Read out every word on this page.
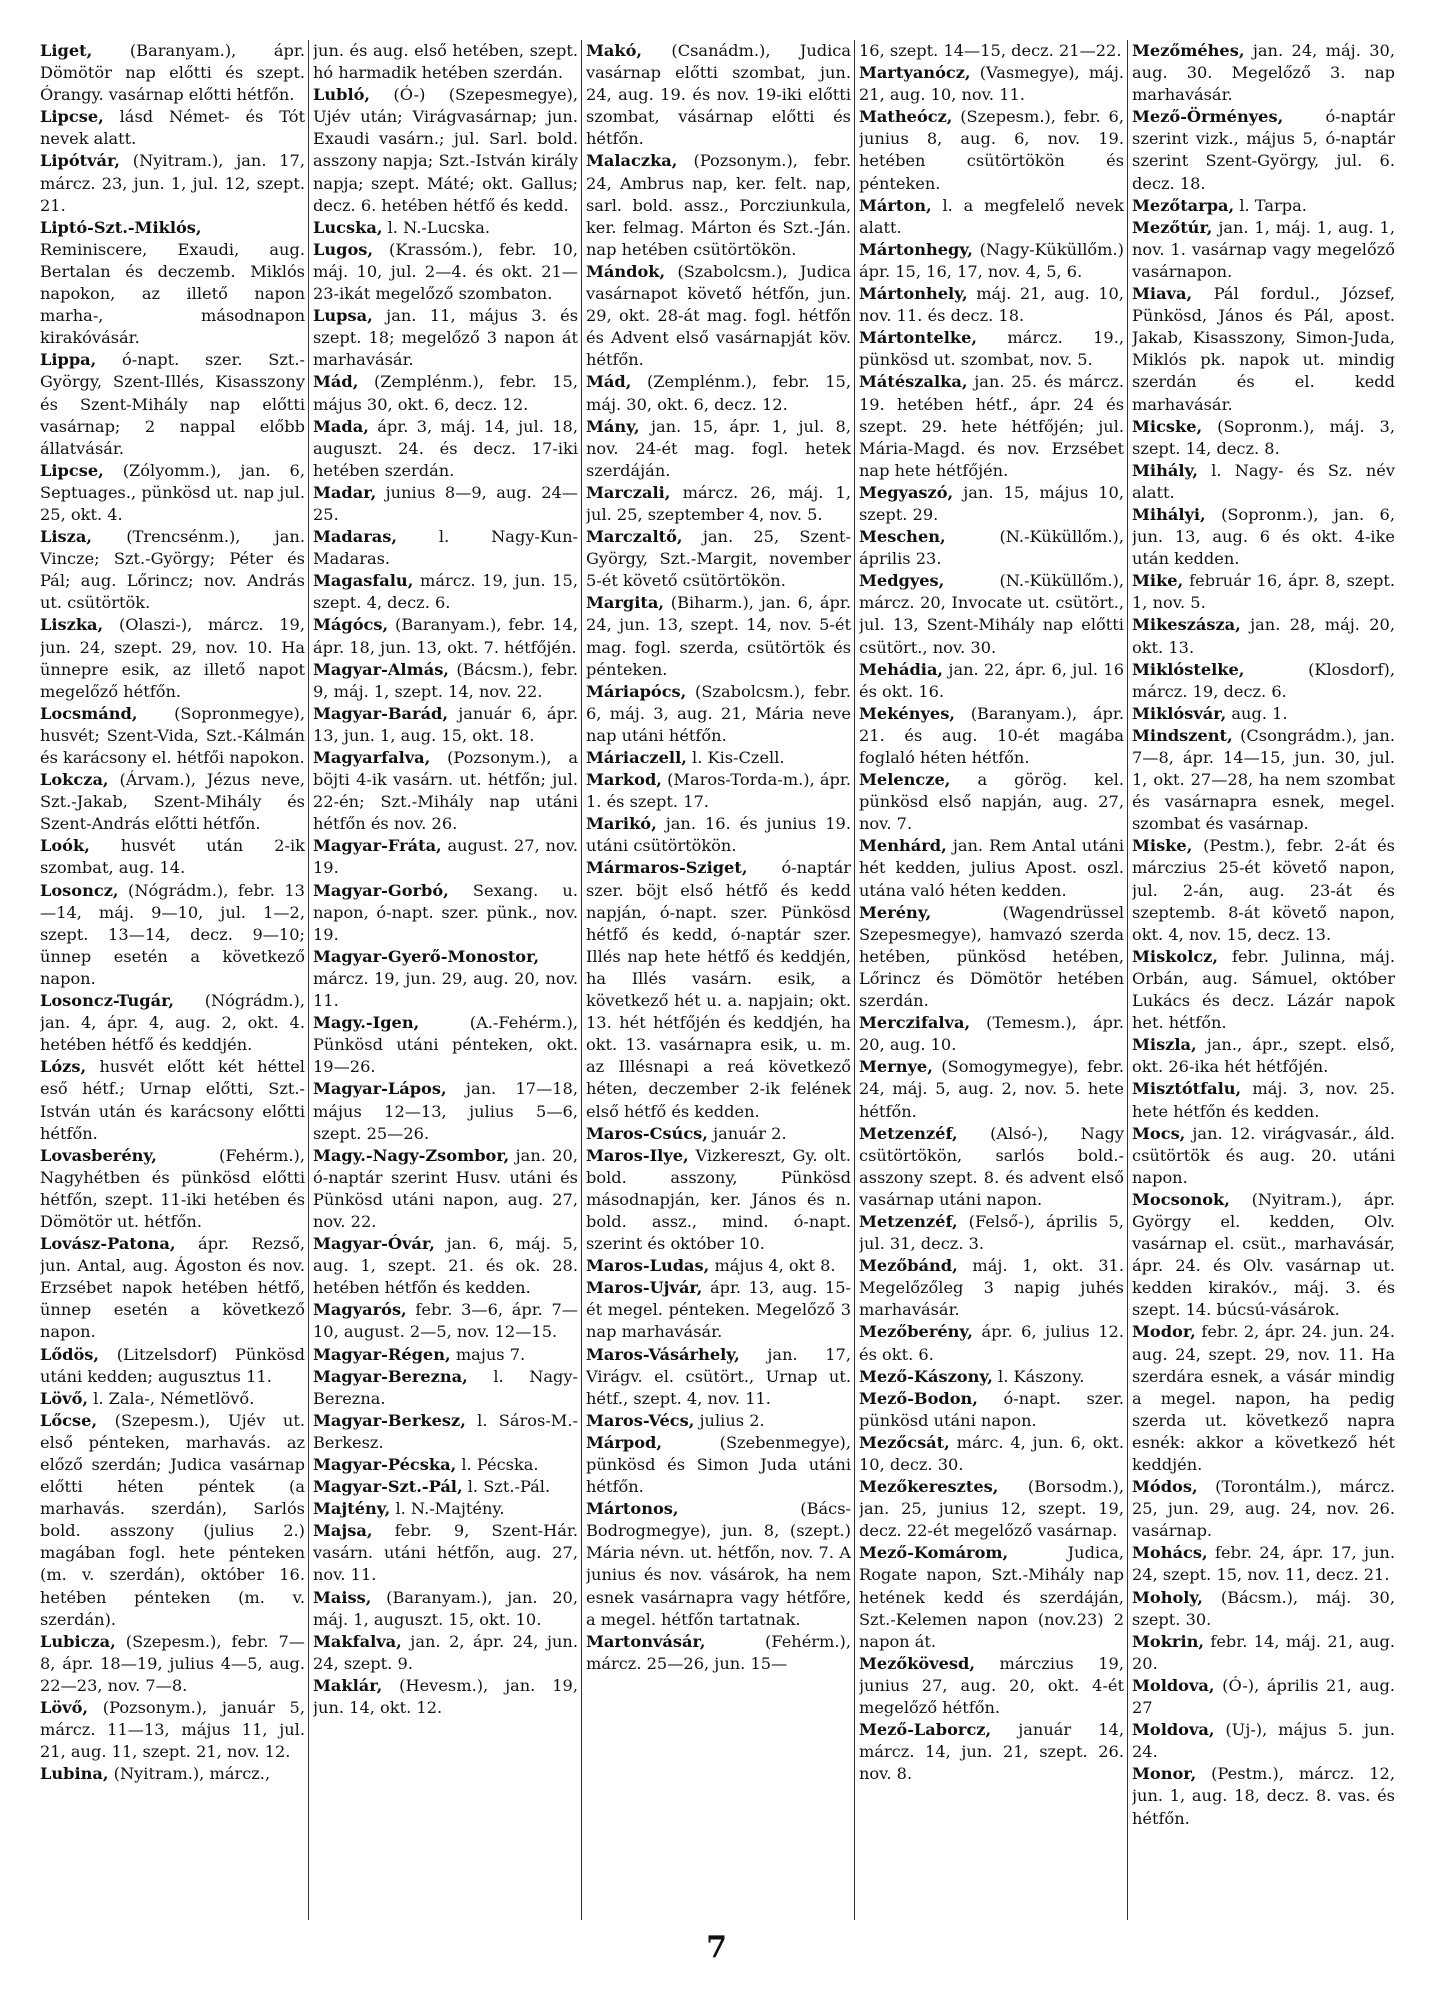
Liget, (Baranyam.), ápr. Dömötör nap előtti és szept. Órangy. vasárnap előtti hétfőn.

Lipcse, lásd Német- és Tót nevek alatt.

Lipótvár, (Nyitram.), jan. 17, márcz. 23, jun. 1, jul. 12, szept. 21.

Liptó-Szt.-Miklós, Reminiscere, Exaudi, aug. Bertalan és deczemb. Miklós napokon, az illető napon marha-, másodnapon kirakóvásár.

Lippa, ó-napt. szer. Szt.-György, Szent-Illés, Kisasszony és Szent-Mihály nap előtti vasárnap; 2 nappal előbb állatvásár.

Lipcse, (Zólyomm.), jan. 6, Septuages., pünkösd ut. nap jul. 25, okt. 4.

Lisza, (Trencsénm.), jan. Vincze; Szt.-György; Péter és Pál; aug. Lőrincz; nov. András ut. csütörtök.

Liszka, (Olaszi-), márcz. 19, jun. 24, szept. 29, nov. 10. Ha ünnepre esik, az illető napot megelőző hétfőn.

Locsmánd, (Sopronmegye), husvét; Szent-Vida, Szt.-Kálmán és karácsony el. hétfői napokon.

Lokcza, (Árvam.), Jézus neve, Szt.-Jakab, Szent-Mihály és Szent-András előtti hétfőn.

Loók, husvét után 2-ik szombat, aug. 14.

Losoncz, (Nógrádm.), febr. 13—14, máj. 9—10, jul. 1—2, szept. 13—14, decz. 9—10; ünnep esetén a következő napon.

Losoncz-Tugár, (Nógrádm.), jan. 4, ápr. 4, aug. 2, okt. 4. hetében hétfő és keddjén.

Lózs, husvét előtt két héttel eső hétf.; Urnap előtti, Szt.-István után és karácsony előtti hétfőn.

Lovasberény,	(Fehérm.), Nagyhétben és pünkösd előtti hétfőn, szept. 11-iki hetében és Dömötör ut. hétfőn.

Lovász-Patona, ápr. Rezső, jun. Antal, aug. Ágoston és nov. Erzsébet napok hetében hétfő, ünnep esetén a következő napon.

Lődös, (Litzelsdorf) Pünkösd utáni kedden; augusztus 11.

Lövő, l. Zala-, Németlövő.

Lőcse, (Szepesm.), Ujév ut. első pénteken, marhavás. az előző szerdán; Judica vasárnap előtti héten péntek (a marhavás. szerdán), Sarlós bold. asszony (julius 2.) magában fogl. hete pénteken (m. v. szerdán), október 16. hetében pénteken (m. v. szerdán).

Lubicza, (Szepesm.), febr. 7—8, ápr. 18—19, julius 4—5, aug. 22—23, nov. 7—8.

Lövő, (Pozsonym.), január 5, márcz. 11—13, május 11, jul. 21, aug. 11, szept. 21, nov. 12.

Lubina, (Nyitram.), márcz.,

jun. és aug. első hetében, szept. hó harmadik hetében szerdán.

Lubló, (Ó-) (Szepesmegye), Ujév után; Virágvasárnap; jun. Exaudi vasárn.; jul. Sarl. bold. asszony napja; Szt.-István király napja; szept. Máté; okt. Gallus; decz. 6. hetében hétfő és kedd.

Lucska, l. N.-Lucska.

Lugos, (Krassóm.), febr. 10, máj. 10, jul. 2—4. és okt. 21—23-ikát megelőző szombaton.

Lupsa, jan. 11, május 3. és szept. 18; megelőző 3 napon át marhavásár.

Mád, (Zemplénm.), febr. 15, május 30, okt. 6, decz. 12.

Mada, ápr. 3, máj. 14, jul. 18, auguszt. 24. és decz. 17-iki hetében szerdán.

Madar, junius 8—9, aug. 24—25.

Madaras,	l. Nagy-Kun-Madaras.

Magasfalu, márcz. 19, jun. 15, szept. 4, decz. 6.

Mágócs, (Baranyam.), febr. 14, ápr. 18, jun. 13, okt. 7. hétfőjén.

Magyar-Almás, (Bácsm.), febr. 9, máj. 1, szept. 14, nov. 22.

Magyar-Barád, január 6, ápr. 13, jun. 1, aug. 15, okt. 18.

Magyarfalva, (Pozsonym.), a böjti 4-ik vasárn. ut. hétfőn; jul. 22-én; Szt.-Mihály nap utáni hétfőn és nov. 26.

Magyar-Fráta, august. 27, nov. 19.

Magyar-Gorbó, Sexang. u. napon, ó-napt. szer. pünk., nov. 19.

Magyar-Gyerő-Monostor, márcz. 19, jun. 29, aug. 20, nov. 11.

Magy.-Igen,	(A.-Fehérm.), Pünkösd utáni pénteken, okt. 19—26.

Magyar-Lápos, jan. 17—18, május 12—13, julius 5—6, szept. 25—26.

Magy.-Nagy-Zsombor, jan. 20, ó-naptár szerint Husv. utáni és Pünkösd utáni napon, aug. 27, nov. 22.

Magyar-Óvár, jan. 6, máj. 5, aug. 1, szept. 21. és ok. 28. hetében hétfőn és kedden.

Magyarós, febr. 3—6, ápr. 7—10, august. 2—5, nov. 12—15.

Magyar-Régen, majus 7.

Magyar-Berezna, l. Nagy-Berezna.

Magyar-Berkesz, l. Sáros-M.-Berkesz.

Magyar-Pécska, l. Pécska.

Magyar-Szt.-Pál, l. Szt.-Pál.

Majtény, l. N.-Majtény.

Majsa, febr. 9, Szent-Hár. vasárn. utáni hétfőn, aug. 27, nov. 11.

Maiss, (Baranyam.), jan. 20, máj. 1, auguszt. 15, okt. 10.

Makfalva, jan. 2, ápr. 24, jun. 24, szept. 9.

Maklár, (Hevesm.), jan. 19, jun. 14, okt. 12.

Makó, (Csanádm.), Judica vasárnap előtti szombat, jun. 24, aug. 19. és nov. 19-iki előtti szombat, vásárnap előtti és hétfőn.

Malaczka, (Pozsonym.), febr. 24, Ambrus nap, ker. felt. nap, sarl. bold. assz., Porcziunkula, ker. felmag. Márton és Szt.-Ján. nap hetében csütörtökön.

Mándok, (Szabolcsm.), Judica vasárnapot követő hétfőn, jun. 29, okt. 28-át mag. fogl. hétfőn és Advent első vasárnapját köv. hétfőn.

Mád, (Zemplénm.), febr. 15, máj. 30, okt. 6, decz. 12.

Mány, jan. 15, ápr. 1, jul. 8, nov. 24-ét mag. fogl. hetek szerdáján.

Marczali, márcz. 26, máj. 1, jul. 25, szeptember 4, nov. 5.

Marczaltő, jan. 25, Szent-György, Szt.-Margit, november 5-ét követő csütörtökön.

Margita, (Biharm.), jan. 6, ápr. 24, jun. 13, szept. 14, nov. 5-ét mag. fogl. szerda, csütörtök és pénteken.

Máriapócs, (Szabolcsm.), febr. 6, máj. 3, aug. 21, Mária neve nap utáni hétfőn.

Máriaczell, l. Kis-Czell.

Markod, (Maros-Torda-m.), ápr. 1. és szept. 17.

Marikó, jan. 16. és junius 19. utáni csütörtökön.

Mármaros-Sziget, ó-naptár szer. böjt első hétfő és kedd napján, ó-napt. szer. Pünkösd hétfő és kedd, ó-naptár szer. Illés nap hete hétfő és keddjén, ha Illés vasárn. esik, a következő hét u. a. napjain; okt. 13. hét hétfőjén és keddjén, ha okt. 13. vasárnapra esik, u. m. az Illésnapi a reá következő héten, deczember 2-ik felének első hétfő és kedden.

Maros-Csúcs, január 2.

Maros-Ilye, Vizkereszt, Gy. olt. bold. asszony, Pünkösd másodnapján, ker. János és n. bold. assz., mind. ó-napt. szerint és október 10.

Maros-Ludas, május 4, okt 8.

Maros-Ujvár, ápr. 13, aug. 15-ét megel. pénteken. Megelőző 3 nap marhavásár.

Maros-Vásárhely, jan. 17, Virágv. el. csütört., Urnap ut. hétf., szept. 4, nov. 11.

Maros-Vécs, julius 2.

Márpod,	(Szebenmegye), pünkösd és Simon Juda utáni hétfőn.

Mártonos,	(Bács-Bodrogmegye), jun. 8, (szept.) Mária névn. ut. hétfőn, nov. 7. A junius és nov. vásárok, ha nem esnek vasárnapra vagy hétfőre, a megel. hétfőn tartatnak.

Martonvásár,	(Fehérm.), márcz. 25—26, jun. 15—

16, szept. 14—15, decz. 21—22.

Martyanócz, (Vasmegye), máj. 21, aug. 10, nov. 11.

Matheócz, (Szepesm.), febr. 6, junius 8, aug. 6, nov. 19. hetében csütörtökön és pénteken.

Márton, l. a megfelelő nevek alatt.

Mártonhegy, (Nagy-Küküllőm.) ápr. 15, 16, 17, nov. 4, 5, 6.

Mártonhely, máj. 21, aug. 10, nov. 11. és decz. 18.

Mártontelke, márcz. 19., pünkösd ut. szombat, nov. 5.

Mátészalka, jan. 25. és márcz. 19. hetében hétf., ápr. 24 és szept. 29. hete hétfőjén; jul. Mária-Magd. és nov. Erzsébet nap hete hétfőjén.

Megyaszó, jan. 15, május 10, szept. 29.

Meschen,	(N.-Küküllőm.), április 23.

Medgyes,	(N.-Küküllőm.), márcz. 20, Invocate ut. csütört., jul. 13, Szent-Mihály nap előtti csütört., nov. 30.

Mehádia, jan. 22, ápr. 6, jul. 16 és okt. 16.

Mekényes, (Baranyam.), ápr. 21. és aug. 10-ét magába foglaló héten hétfőn.

Melencze, a görög. kel. pünkösd első napján, aug. 27, nov. 7.

Menhárd, jan. Rem Antal utáni hét kedden, julius Apost. oszl. utána való héten kedden.

Merény,	(Wagendrüssel Szepesmegye), hamvazó szerda hetében, pünkösd hetében, Lőrincz és Dömötör hetében szerdán.

Merczifalva, (Temesm.), ápr. 20, aug. 10.

Mernye, (Somogymegye), febr. 24, máj. 5, aug. 2, nov. 5. hete hétfőn.

Metzenzéf, (Alsó-), Nagy csütörtökön, sarlós bold.-asszony szept. 8. és advent első vasárnap utáni napon.

Metzenzéf, (Felső-), április 5, jul. 31, decz. 3.

Mezőbánd, máj. 1, okt. 31. Megelőzőleg 3 napig juhés marhavásár.

Mezőberény, ápr. 6, julius 12. és okt. 6.

Mező-Kászony, l. Kászony.

Mező-Bodon, ó-napt. szer. pünkösd utáni napon.

Mezőcsát, márc. 4, jun. 6, okt. 10, decz. 30.

Mezőkeresztes, (Borsodm.), jan. 25, junius 12, szept. 19, decz. 22-ét megelőző vasárnap.

Mező-Komárom,	Judica, Rogate napon, Szt.-Mihály nap hetének kedd és szerdáján, Szt.-Kelemen napon (nov.23) 2 napon át.

Mezőkövesd, márczius 19, junius 27, aug. 20, okt. 4-ét megelőző hétfőn.

Mező-Laborcz, január 14, márcz. 14, jun. 21, szept. 26. nov. 8.

Mezőméhes, jan. 24, máj. 30, aug. 30. Megelőző 3. nap marhavásár.

Mező-Örményes,	ó-naptár szerint vizk., május 5, ó-naptár szerint Szent-György, jul. 6. decz. 18.

Mezőtarpa, l. Tarpa.

Mezőtúr, jan. 1, máj. 1, aug. 1, nov. 1. vasárnap vagy megelőző vasárnapon.

Miava, Pál fordul., József, Pünkösd, János és Pál, apost. Jakab, Kisasszony, Simon-Juda, Miklós pk. napok ut. mindig szerdán és el. kedd marhavásár.

Micske, (Sopronm.), máj. 3, szept. 14, decz. 8.

Mihály, l. Nagy- és Sz. név alatt.

Mihályi, (Sopronm.), jan. 6, jun. 13, aug. 6 és okt. 4-ike után kedden.

Mike, február 16, ápr. 8, szept. 1, nov. 5.

Mikeszászа, jan. 28, máj. 20, okt. 13.

Miklóstelke,	(Klosdorf), márcz. 19, decz. 6.

Miklósvár, aug. 1.

Mindszent, (Csongrádm.), jan. 7—8, ápr. 14—15, jun. 30, jul. 1, okt. 27—28, ha nem szombat és vasárnapra esnek, megel. szombat és vasárnap.

Miske, (Pestm.), febr. 2-át és márczius 25-ét követő napon, jul. 2-án, aug. 23-át és szeptemb. 8-át követő napon, okt. 4, nov. 15, decz. 13.

Miskolcz, febr. Julinna, máj. Orbán, aug. Sámuel, október Lukács és decz. Lázár napok het. hétfőn.

Miszla, jan., ápr., szept. első, okt. 26-ika hét hétfőjén.

Misztótfalu, máj. 3, nov. 25. hete hétfőn és kedden.

Mocs, jan. 12. virágvasár., áld. csütörtök és aug. 20. utáni napon.

Mocsonok, (Nyitram.), ápr. György el. kedden, Olv. vasárnap el. csüt., marhavásár, ápr. 24. és Olv. vasárnap ut. kedden kirakóv., máj. 3. és szept. 14. búcsú-vásárok.

Modor, febr. 2, ápr. 24. jun. 24. aug. 24, szept. 29, nov. 11. Ha szerdára esnek, a vásár mindig a megel. napon, ha pedig szerda ut. következő napra esnék: akkor a következő hét keddjén.

Módos, (Torontálm.), márcz. 25, jun. 29, aug. 24, nov. 26. vasárnap.

Mohács, febr. 24, ápr. 17, jun. 24, szept. 15, nov. 11, decz. 21.

Moholy, (Bácsm.), máj. 30, szept. 30.

Mokrin, febr. 14, máj. 21, aug. 20.

Moldova, (Ó-), április 21, aug. 27

Moldova, (Uj-), május 5. jun. 24.

Monor, (Pestm.), márcz. 12, jun. 1, aug. 18, decz. 8. vas. és hétfőn.

7
